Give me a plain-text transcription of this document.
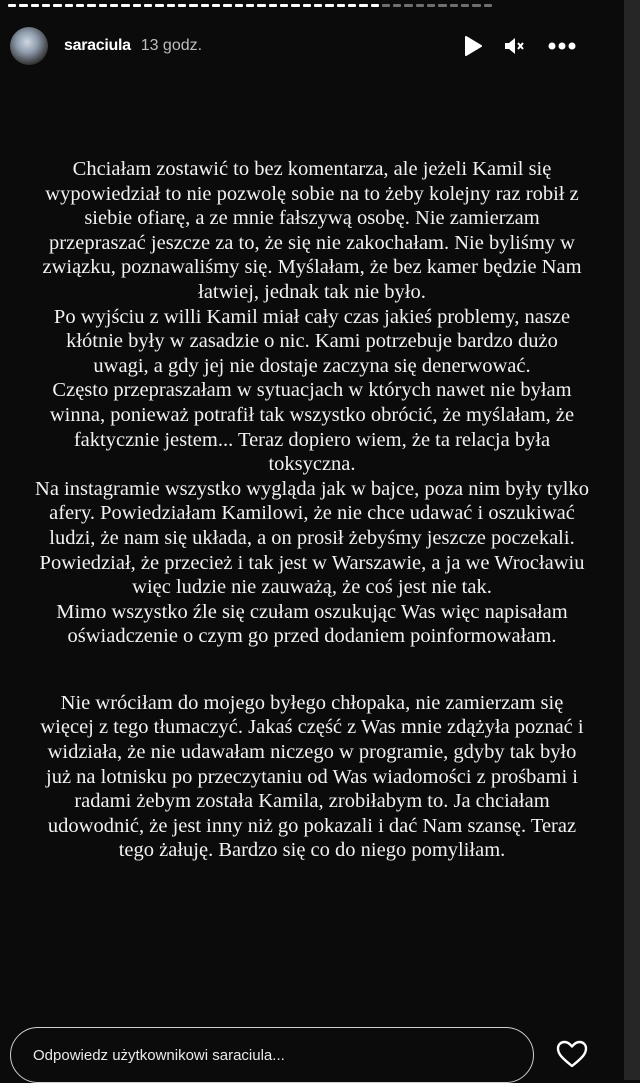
saraciula 13 godz.
Chciałam zostawić to bez komentarza, ale jeżeli Kamil się
wypowiedział to nie pozwolę sobie na to żeby kolejny raz robił z
siebie ofiarę, a ze mnie fałszywą osobę. Nie zamierzam
przepraszać jeszcze za to, że się nie zakochałam. Nie byliśmy w
związku, poznawaliśmy się. Myślałam, że bez kamer będzie Nam
łatwiej, jednak tak nie było.
Po wyjściu z willi Kamil miał cały czas jakieś problemy, nasze
kłótnie były w zasadzie o nic. Kami potrzebuje bardzo dużo
uwagi, a gdy jej nie dostaje zaczyna się denerwować.
Często przepraszałam w sytuacjach w których nawet nie byłam
winna, ponieważ potrafił tak wszystko obrócić, że myślałam, że
faktycznie jestem... Teraz dopiero wiem, że ta relacja była
toksyczna.
Na instagramie wszystko wygląda jak w bajce, poza nim były tylko
afery. Powiedziałam Kamilowi, że nie chce udawać i oszukiwać
ludzi, że nam się układa, a on prosił żebyśmy jeszcze poczekali.
Powiedział, że przecież i tak jest w Warszawie, a ja we Wrocławiu
więc ludzie nie zauważą, że coś jest nie tak.
Mimo wszystko źle się czułam oszukując Was więc napisałam
oświadczenie o czym go przed dodaniem poinformowałam.
Nie wróciłam do mojego byłego chłopaka, nie zamierzam się
więcej z tego tłumaczyć. Jakaś część z Was mnie zdążyła poznać i
widziała, że nie udawałam niczego w programie, gdyby tak było
już na lotnisku po przeczytaniu od Was wiadomości z prośbami i
radami żebym została Kamila, zrobiłabym to. Ja chciałam
udowodnić, że jest inny niż go pokazali i dać Nam szansę. Teraz
tego żałuję. Bardzo się co do niego pomyliłam.
Odpowiedz użytkownikowi saraciula...
